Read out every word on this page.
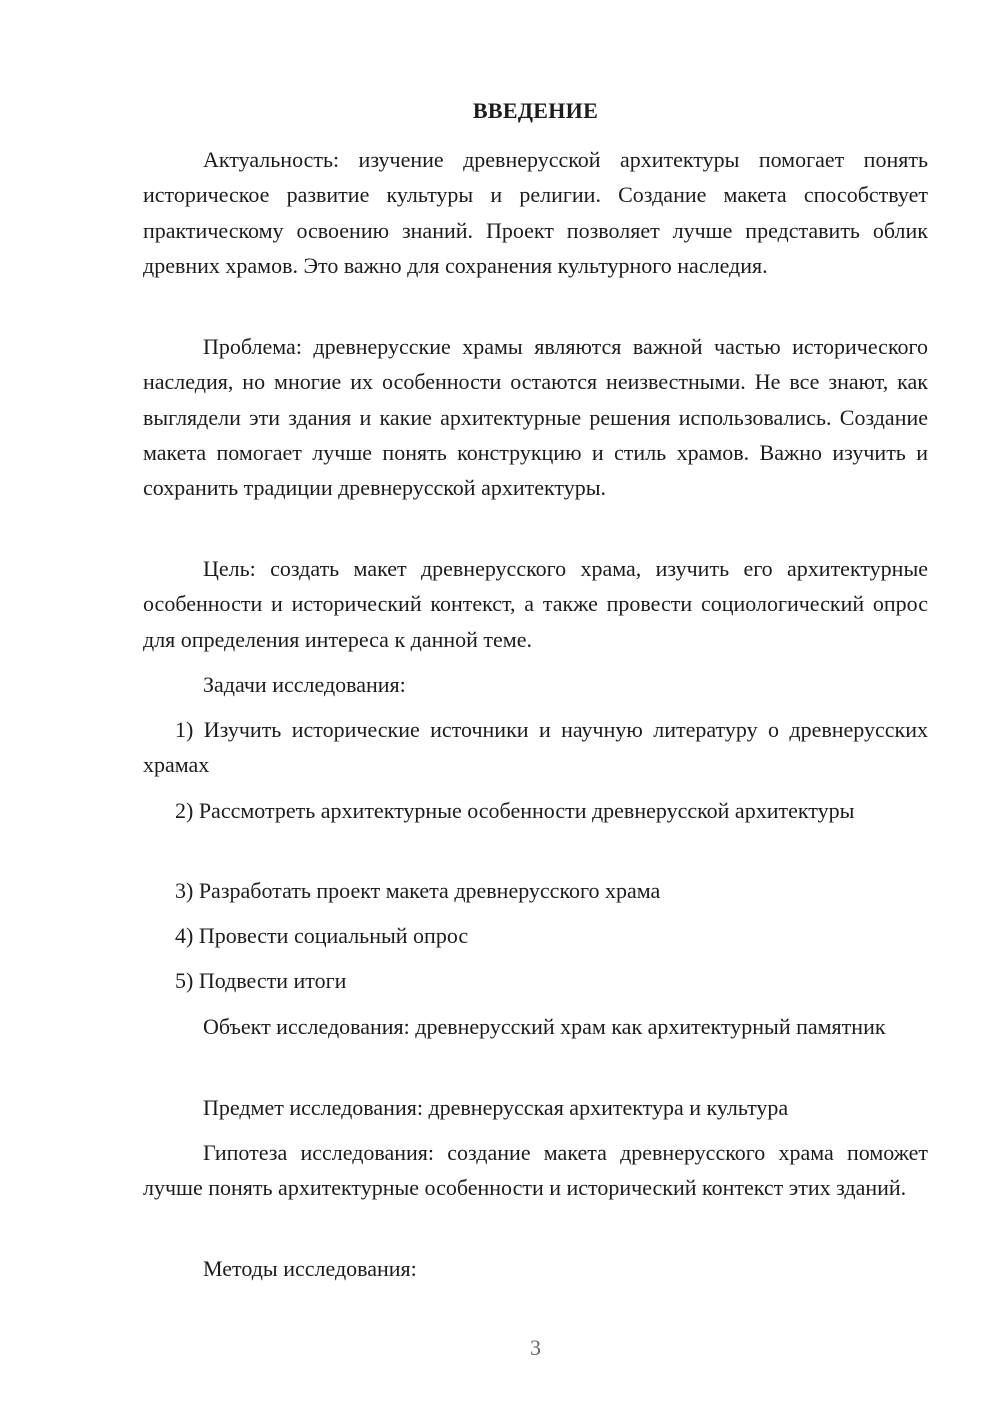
ВВЕДЕНИЕ

Актуальность: изучение древнерусской архитектуры помогает понять историческое развитие культуры и религии. Создание макета способствует практическому освоению знаний. Проект позволяет лучше представить облик древних храмов. Это важно для сохранения культурного наследия.

Проблема: древнерусские храмы являются важной частью исторического наследия, но многие их особенности остаются неизвестными. Не все знают, как выглядели эти здания и какие архитектурные решения использовались. Создание макета помогает лучше понять конструкцию и стиль храмов. Важно изучить и сохранить традиции древнерусской архитектуры.

Цель: создать макет древнерусского храма, изучить его архитектурные особенности и исторический контекст, а также провести социологический опрос для определения интереса к данной теме.

Задачи исследования:

1) Изучить исторические источники и научную литературу о древнерусских храмах

2) Рассмотреть архитектурные особенности древнерусской архитектуры

3) Разработать проект макета древнерусского храма

4) Провести социальный опрос

5) Подвести итоги

Объект исследования: древнерусский храм как архитектурный памятник

Предмет исследования: древнерусская архитектура и культура

Гипотеза исследования: создание макета древнерусского храма поможет лучше понять архитектурные особенности и исторический контекст этих зданий.

Методы исследования:

3
